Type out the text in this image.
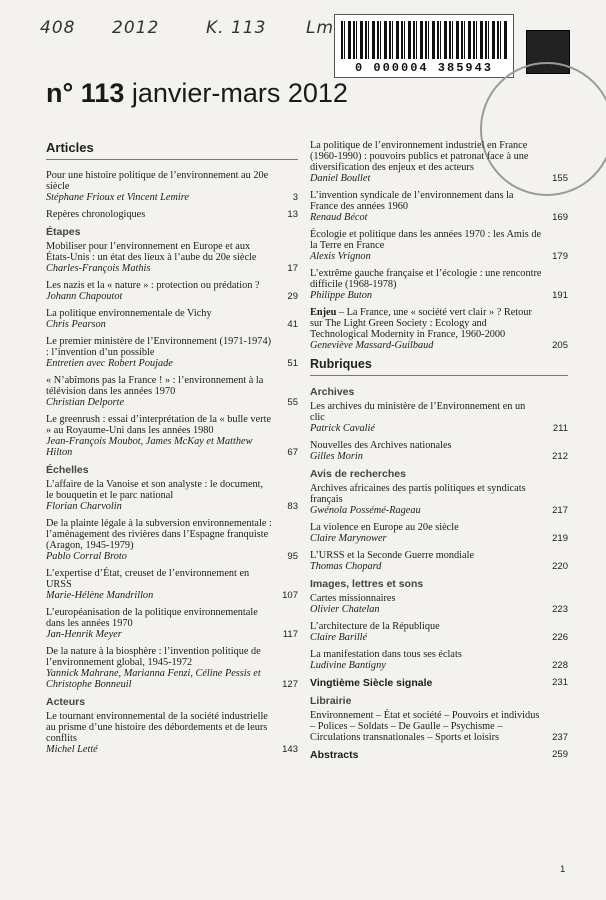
408 2012	K. 113 Lm
0 000004 385943
n° 113 janvier-mars 2012
Articles
Pour une histoire politique de l’environnement au 20e siècle
Stéphane Frioux et Vincent Lemire	3
Repères chronologiques	13
Étapes
Mobiliser pour l’environnement en Europe et aux États-Unis : un état des lieux à l’aube du 20e siècle
Charles-François Mathis	17
Les nazis et la « nature » : protection ou prédation ?
Johann Chapoutot	29
La politique environnementale de Vichy
Chris Pearson	41
Le premier ministère de l’Environnement (1971-1974) : l’invention d’un possible
Entretien avec Robert Poujade	51
« N’abîmons pas la France ! » : l’environnement à la télévision dans les années 1970
Christian Delporte	55
Le greenrush : essai d’interprétation de la « bulle verte » au Royaume-Uni dans les années 1980
Jean-François Moubot, James McKay et Matthew Hilton	67
Échelles
L’affaire de la Vanoise et son analyste : le document, le bouquetin et le parc national
Florian Charvolin	83
De la plainte légale à la subversion environnementale : l’aménagement des rivières dans l’Espagne franquiste (Aragon, 1945-1979)
Pablo Corral Broto	95
L’expertise d’État, creuset de l’environnement en URSS
Marie-Hélène Mandrillon	107
L’européanisation de la politique environnementale dans les années 1970
Jan-Henrik Meyer	117
De la nature à la biosphère : l’invention politique de l’environnement global, 1945-1972
Yannick Mahrane, Marianna Fenzi, Céline Pessis et Christophe Bonneuil	127
Acteurs
Le tournant environnemental de la société industrielle au prisme d’une histoire des débordements et de leurs conflits
Michel Letté	143
La politique de l’environnement industriel en France (1960-1990) : pouvoirs publics et patronat face à une diversification des enjeux et des acteurs
Daniel Boullet	155
L’invention syndicale de l’environnement dans la France des années 1960
Renaud Bécot	169
Écologie et politique dans les années 1970 : les Amis de la Terre en France
Alexis Vrignon	179
L’extrême gauche française et l’écologie : une rencontre difficile (1968-1978)
Philippe Buton	191
Enjeu – La France, une « société vert clair » ? Retour sur The Light Green Society : Ecology and Technological Modernity in France, 1960-2000
Geneviève Massard-Guilbaud	205
Rubriques
Archives
Les archives du ministère de l’Environnement en un clic
Patrick Cavalié	211
Nouvelles des Archives nationales
Gilles Morin	212
Avis de recherches
Archives africaines des partis politiques et syndicats français
Gwénola Possémé-Rageau	217
La violence en Europe au 20e siècle
Claire Marynower	219
L’URSS et la Seconde Guerre mondiale
Thomas Chopard	220
Images, lettres et sons
Cartes missionnaires
Olivier Chatelan	223
L’architecture de la République
Claire Barillé	226
La manifestation dans tous ses éclats
Ludivine Bantigny	228
Vingtième Siècle signale	231
Librairie
Environnement – État et société – Pouvoirs et individus – Polices – Soldats – De Gaulle – Psychisme – Circulations transnationales – Sports et loisirs	237
Abstracts	259
1
